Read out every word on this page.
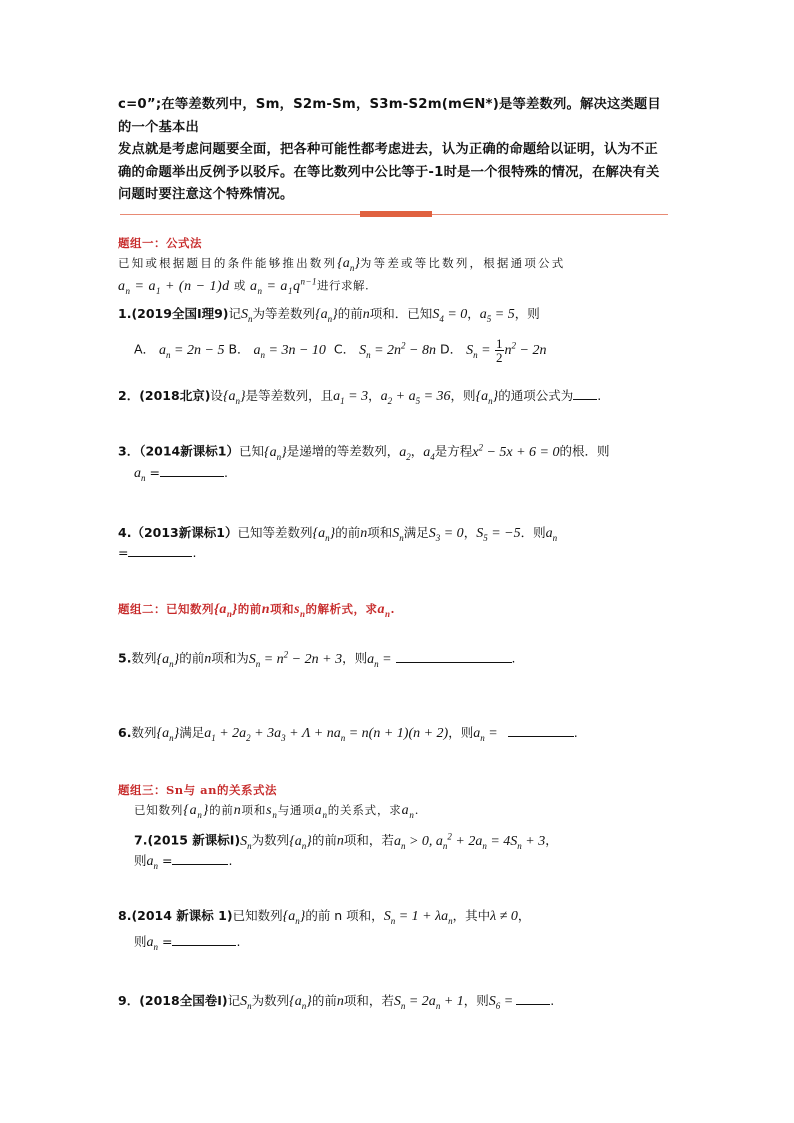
c=0”;在等差数列中，Sm，S2m-Sm，S3m-S2m(m∈N*)是等差数列。解决这类题目的一个基本出
发点就是考虑问题要全面，把各种可能性都考虑进去，认为正确的命题给以证明，认为不正
确的命题举出反例予以驳斥。在等比数列中公比等于-1时是一个很特殊的情况，在解决有关
问题时要注意这个特殊情况。
题组一：公式法
已知或根据题目的条件能够推出数列$\{a_n\}$为等差或等比数列，根据通项公式
$a_n = a_1 + (n - 1)d$ 或 $a_n = a_1q^{n-1}$进行求解.
1.(2019全国Ⅰ理9)记$S_n$为等差数列$\{a_n\}$的前n项和．已知$S_4 = 0$，$a_5 = 5$，则
A． $a_n = 2n - 5$ B． $a_n = 3n - 10$ C． $S_n = 2n^2 - 8n$ D． $S_n = \frac{1}{2} n^2 - 2n$
2．(2018北京)设$\{a_n\}$是等差数列，且$a_1 = 3$，$a_2 + a_5 = 36$，则$\{a_n\}$的通项公式为 .
3．（2014新课标1）已知$\{a_n\}$是递增的等差数列，$a_2$，$a_4$是方程$x^2 - 5x + 6 = 0$的根．则
$a_n$ =	.
4.（2013新课标1）已知等差数列$\{a_n\}$的前n项和$S_n$满足$S_3 = 0$，$S_5 = -5$．则$a_n$
=	.
题组二：已知数列$\{a_n\}$的前n项和$s_n$的解析式，求$a_n$.
5.数列$\{a_n\}$的前n项和为$S_n = n^2 - 2n + 3$，则$a_n$ =	.
6.数列$\{a_n\}$满足$a_1 + 2a_2 + 3a_3 + \Lambda + na_n = n(n + 1)(n + 2)$，则$a_n$ =	.
题组三：Sn与 an的关系式法
已知数列$\{a_n\}$的前n项和$s_n$与通项$a_n$的关系式，求$a_n$.
7.(2015 新课标$Ⅰ)S_n$为数列$\{a_n\}$的前n项和，若$a_n > 0$, $a_n^2 + 2a_n = 4S_n + 3$，
则$a_n$ =	.
8.(2014 新课标 1)已知数列$\{a_n\}$的前 n 项和，$S_n = 1 + \lambda a_n$，其中λ ≠ 0，
则$a_n$ =	.
9．(2018全国卷Ⅰ)记$S_n$为数列$\{a_n\}$的前n项和，若$S_n = 2a_n + 1$，则$S_6$ =	.
